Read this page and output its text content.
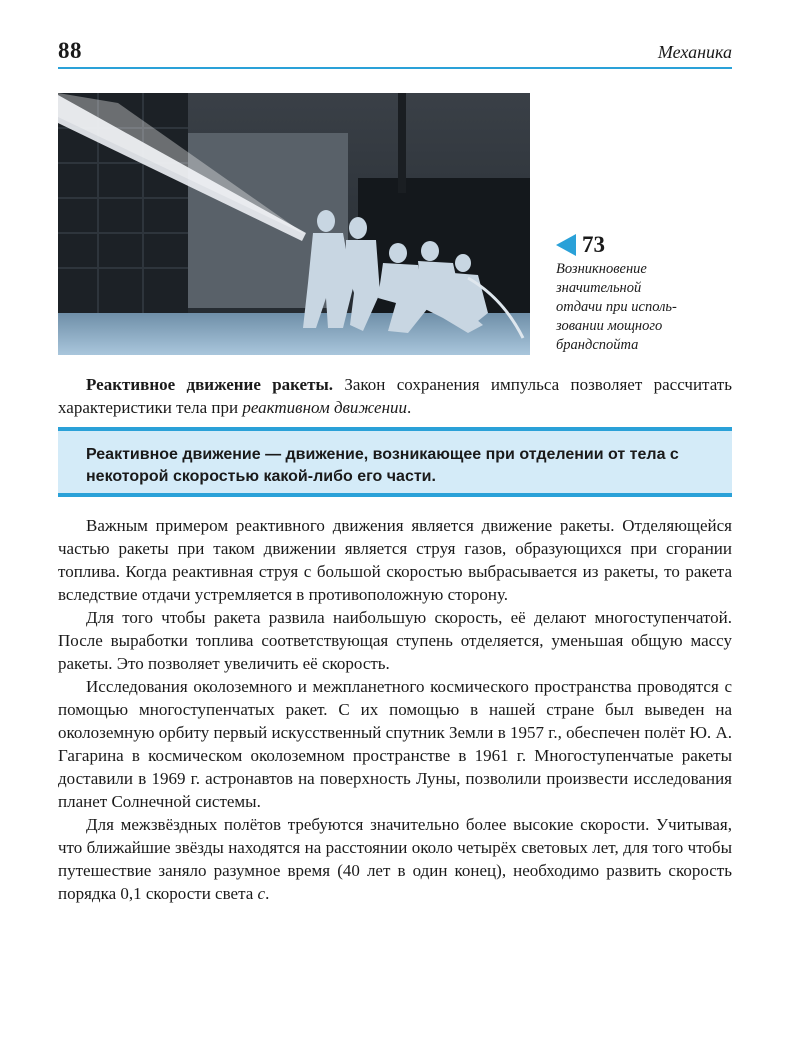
88	Механика
73
Возникновение
значительной
отдачи при исполь-
зовании мощного
брандспойта

Реактивное движение ракеты. Закон сохранения импульса позволяет рассчитать характеристики тела при реактивном движении.

Реактивное движение — движение, возникающее при отделении от тела с некоторой скоростью какой-либо его части.

Важным примером реактивного движения является движение ракеты. Отделяющейся частью ракеты при таком движении является струя газов, образующихся при сгорании топлива. Когда реактивная струя с большой скоростью выбрасывается из ракеты, то ракета вследствие отдачи устремляется в противоположную сторону.

Для того чтобы ракета развила наибольшую скорость, её делают многоступенчатой. После выработки топлива соответствующая ступень отделяется, уменьшая общую массу ракеты. Это позволяет увеличить её скорость.

Исследования околоземного и межпланетного космического пространства проводятся с помощью многоступенчатых ракет. С их помощью в нашей стране был выведен на околоземную орбиту первый искусственный спутник Земли в 1957 г., обеспечен полёт Ю. А. Гагарина в космическом околоземном пространстве в 1961 г. Многоступенчатые ракеты доставили в 1969 г. астронавтов на поверхность Луны, позволили произвести исследования планет Солнечной системы.

Для межзвёздных полётов требуются значительно более высокие скорости. Учитывая, что ближайшие звёзды находятся на расстоянии около четырёх световых лет, для того чтобы путешествие заняло разумное время (40 лет в один конец), необходимо развить скорость порядка 0,1 скорости света c.
